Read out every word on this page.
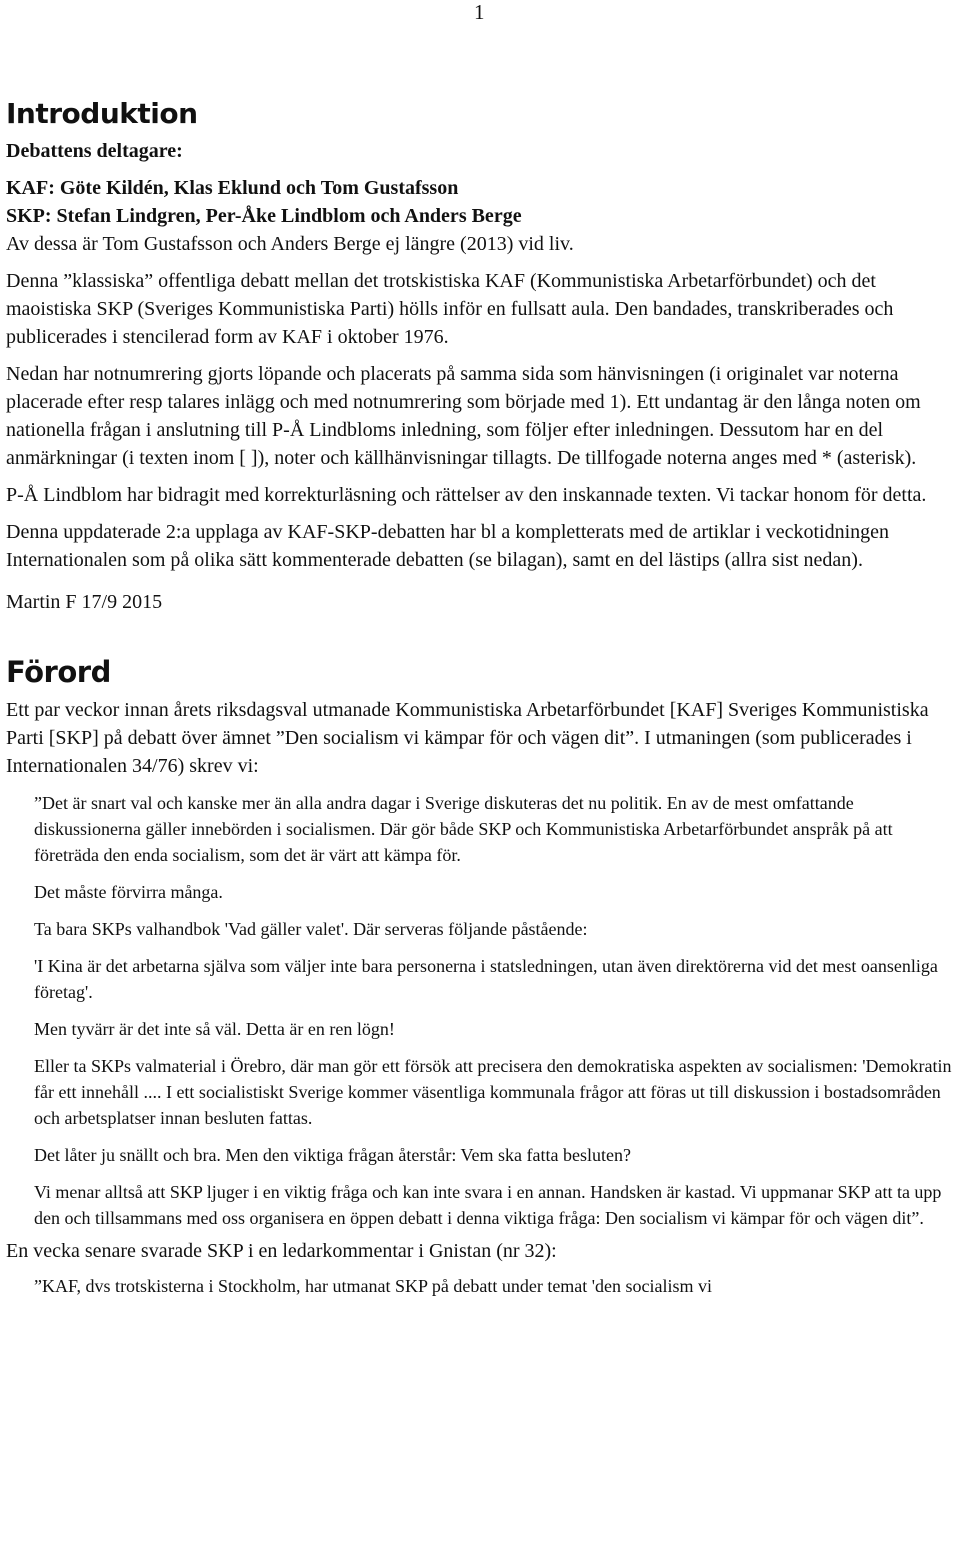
1
Introduktion
Debattens deltagare:
KAF: Göte Kildén, Klas Eklund och Tom Gustafsson
SKP: Stefan Lindgren, Per-Åke Lindblom och Anders Berge

Av dessa är Tom Gustafsson och Anders Berge ej längre (2013) vid liv.

Denna ”klassiska” offentliga debatt mellan det trotskistiska KAF (Kommunistiska Arbetarförbundet) och det maoistiska SKP (Sveriges Kommunistiska Parti) hölls inför en fullsatt aula. Den bandades, transkriberades och publicerades i stencilerad form av KAF i oktober 1976.

Nedan har notnumrering gjorts löpande och placerats på samma sida som hänvisningen (i originalet var noterna placerade efter resp talares inlägg och med notnumrering som började med 1). Ett undantag är den långa noten om nationella frågan i anslutning till P-Å Lindbloms inledning, som följer efter inledningen. Dessutom har en del anmärkningar (i texten inom [ ]), noter och källhänvisningar tillagts. De tillfogade noterna anges med * (asterisk).

P-Å Lindblom har bidragit med korrekturläsning och rättelser av den inskannade texten. Vi tackar honom för detta.

Denna uppdaterade 2:a upplaga av KAF-SKP-debatten har bl a kompletterats med de artiklar i veckotidningen Internationalen som på olika sätt kommenterade debatten (se bilagan), samt en del lästips (allra sist nedan).

Martin F 17/9 2015

Förord

Ett par veckor innan årets riksdagsval utmanade Kommunistiska Arbetarförbundet [KAF] Sveriges Kommunistiska Parti [SKP] på debatt över ämnet ”Den socialism vi kämpar för och vägen dit”. I utmaningen (som publicerades i Internationalen 34/76) skrev vi:

”Det är snart val och kanske mer än alla andra dagar i Sverige diskuteras det nu politik. En av de mest omfattande diskussionerna gäller innebörden i socialismen. Där gör både SKP och Kommunistiska Arbetarförbundet anspråk på att företräda den enda socialism, som det är värt att kämpa för.

Det måste förvirra många.

Ta bara SKPs valhandbok 'Vad gäller valet'. Där serveras följande påstående:

'I Kina är det arbetarna själva som väljer inte bara personerna i statsledningen, utan även direktörerna vid det mest oansenliga företag'.

Men tyvärr är det inte så väl. Detta är en ren lögn!

Eller ta SKPs valmaterial i Örebro, där man gör ett försök att precisera den demokratiska aspekten av socialismen: 'Demokratin får ett innehåll .... I ett socialistiskt Sverige kommer väsentliga kommunala frågor att föras ut till diskussion i bostadsområden och arbetsplatser innan besluten fattas.

Det låter ju snällt och bra. Men den viktiga frågan återstår: Vem ska fatta besluten?

Vi menar alltså att SKP ljuger i en viktig fråga och kan inte svara i en annan. Handsken är kastad. Vi uppmanar SKP att ta upp den och tillsammans med oss organisera en öppen debatt i denna viktiga fråga: Den socialism vi kämpar för och vägen dit”.

En vecka senare svarade SKP i en ledarkommentar i Gnistan (nr 32):

”KAF, dvs trotskisterna i Stockholm, har utmanat SKP på debatt under temat 'den socialism vi
